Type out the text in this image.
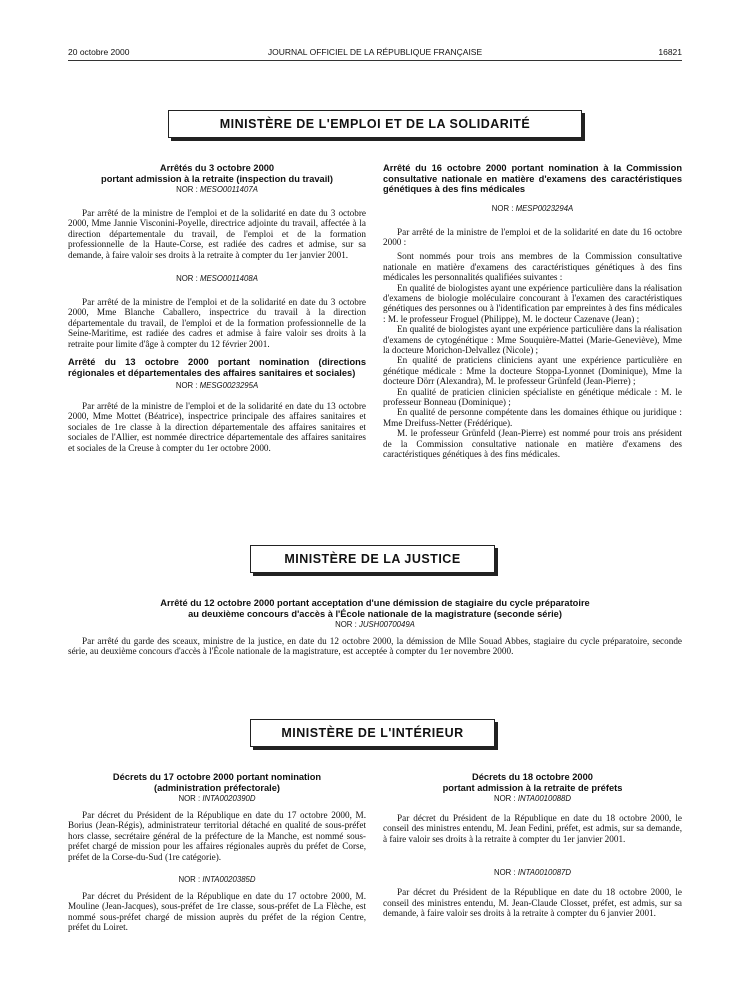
20 octobre 2000	JOURNAL OFFICIEL DE LA RÉPUBLIQUE FRANÇAISE	16821
MINISTÈRE DE L'EMPLOI ET DE LA SOLIDARITÉ
Arrêtés du 3 octobre 2000
portant admission à la retraite (inspection du travail)
NOR : MESO0011407A

Par arrêté de la ministre de l'emploi et de la solidarité en date du 3 octobre 2000, Mme Jannie Visconini-Poyelle, directrice adjointe du travail, affectée à la direction départementale du travail, de l'emploi et de la formation professionnelle de la Haute-Corse, est radiée des cadres et admise, sur sa demande, à faire valoir ses droits à la retraite à compter du 1er janvier 2001.

NOR : MESO0011408A

Par arrêté de la ministre de l'emploi et de la solidarité en date du 3 octobre 2000, Mme Blanche Caballero, inspectrice du travail à la direction départementale du travail, de l'emploi et de la formation professionnelle de la Seine-Maritime, est radiée des cadres et admise à faire valoir ses droits à la retraite pour limite d'âge à compter du 12 février 2001.

Arrêté du 13 octobre 2000 portant nomination (directions régionales et départementales des affaires sanitaires et sociales)
NOR : MESG0023295A

Par arrêté de la ministre de l'emploi et de la solidarité en date du 13 octobre 2000, Mme Mottet (Béatrice), inspectrice principale des affaires sanitaires et sociales de 1re classe à la direction départementale des affaires sanitaires et sociales de l'Allier, est nommée directrice départementale des affaires sanitaires et sociales de la Creuse à compter du 1er octobre 2000.

Arrêté du 16 octobre 2000 portant nomination à la Commission consultative nationale en matière d'examens des caractéristiques génétiques à des fins médicales
NOR : MESP0023294A

Par arrêté de la ministre de l'emploi et de la solidarité en date du 16 octobre 2000 :

Sont nommés pour trois ans membres de la Commission consultative nationale en matière d'examens des caractéristiques génétiques à des fins médicales les personnalités qualifiées suivantes :

En qualité de biologistes ayant une expérience particulière dans la réalisation d'examens de biologie moléculaire concourant à l'examen des caractéristiques génétiques des personnes ou à l'identification par empreintes à des fins médicales : M. le professeur Froguel (Philippe), M. le docteur Cazenave (Jean) ;

En qualité de biologistes ayant une expérience particulière dans la réalisation d'examens de cytogénétique : Mme Souquière-Mattei (Marie-Geneviève), Mme la docteure Morichon-Delvallez (Nicole) ;

En qualité de praticiens cliniciens ayant une expérience particulière en génétique médicale : Mme la docteure Stoppa-Lyonnet (Dominique), Mme la docteure Dörr (Alexandra), M. le professeur Grünfeld (Jean-Pierre) ;

En qualité de praticien clinicien spécialiste en génétique médicale : M. le professeur Bonneau (Dominique) ;

En qualité de personne compétente dans les domaines éthique ou juridique : Mme Dreifuss-Netter (Frédérique).

M. le professeur Grünfeld (Jean-Pierre) est nommé pour trois ans président de la Commission consultative nationale en matière d'examens des caractéristiques génétiques à des fins médicales.

MINISTÈRE DE LA JUSTICE
Arrêté du 12 octobre 2000 portant acceptation d'une démission de stagiaire du cycle préparatoire
au deuxième concours d'accès à l'École nationale de la magistrature (seconde série)
NOR : JUSH0070049A

Par arrêté du garde des sceaux, ministre de la justice, en date du 12 octobre 2000, la démission de Mlle Souad Abbes, stagiaire du cycle préparatoire, seconde série, au deuxième concours d'accès à l'École nationale de la magistrature, est acceptée à compter du 1er novembre 2000.

MINISTÈRE DE L'INTÉRIEUR
Décrets du 17 octobre 2000 portant nomination
(administration préfectorale)
NOR : INTA0020390D

Par décret du Président de la République en date du 17 octobre 2000, M. Borius (Jean-Régis), administrateur territorial détaché en qualité de sous-préfet hors classe, secrétaire général de la préfecture de la Manche, est nommé sous-préfet chargé de mission pour les affaires régionales auprès du préfet de Corse, préfet de la Corse-du-Sud (1re catégorie).

NOR : INTA0020385D

Par décret du Président de la République en date du 17 octobre 2000, M. Mouline (Jean-Jacques), sous-préfet de 1re classe, sous-préfet de La Flèche, est nommé sous-préfet chargé de mission auprès du préfet de la région Centre, préfet du Loiret.

Décrets du 18 octobre 2000
portant admission à la retraite de préfets
NOR : INTA0010088D

Par décret du Président de la République en date du 18 octobre 2000, le conseil des ministres entendu, M. Jean Fedini, préfet, est admis, sur sa demande, à faire valoir ses droits à la retraite à compter du 1er janvier 2001.

NOR : INTA0010087D

Par décret du Président de la République en date du 18 octobre 2000, le conseil des ministres entendu, M. Jean-Claude Closset, préfet, est admis, sur sa demande, à faire valoir ses droits à la retraite à compter du 6 janvier 2001.
